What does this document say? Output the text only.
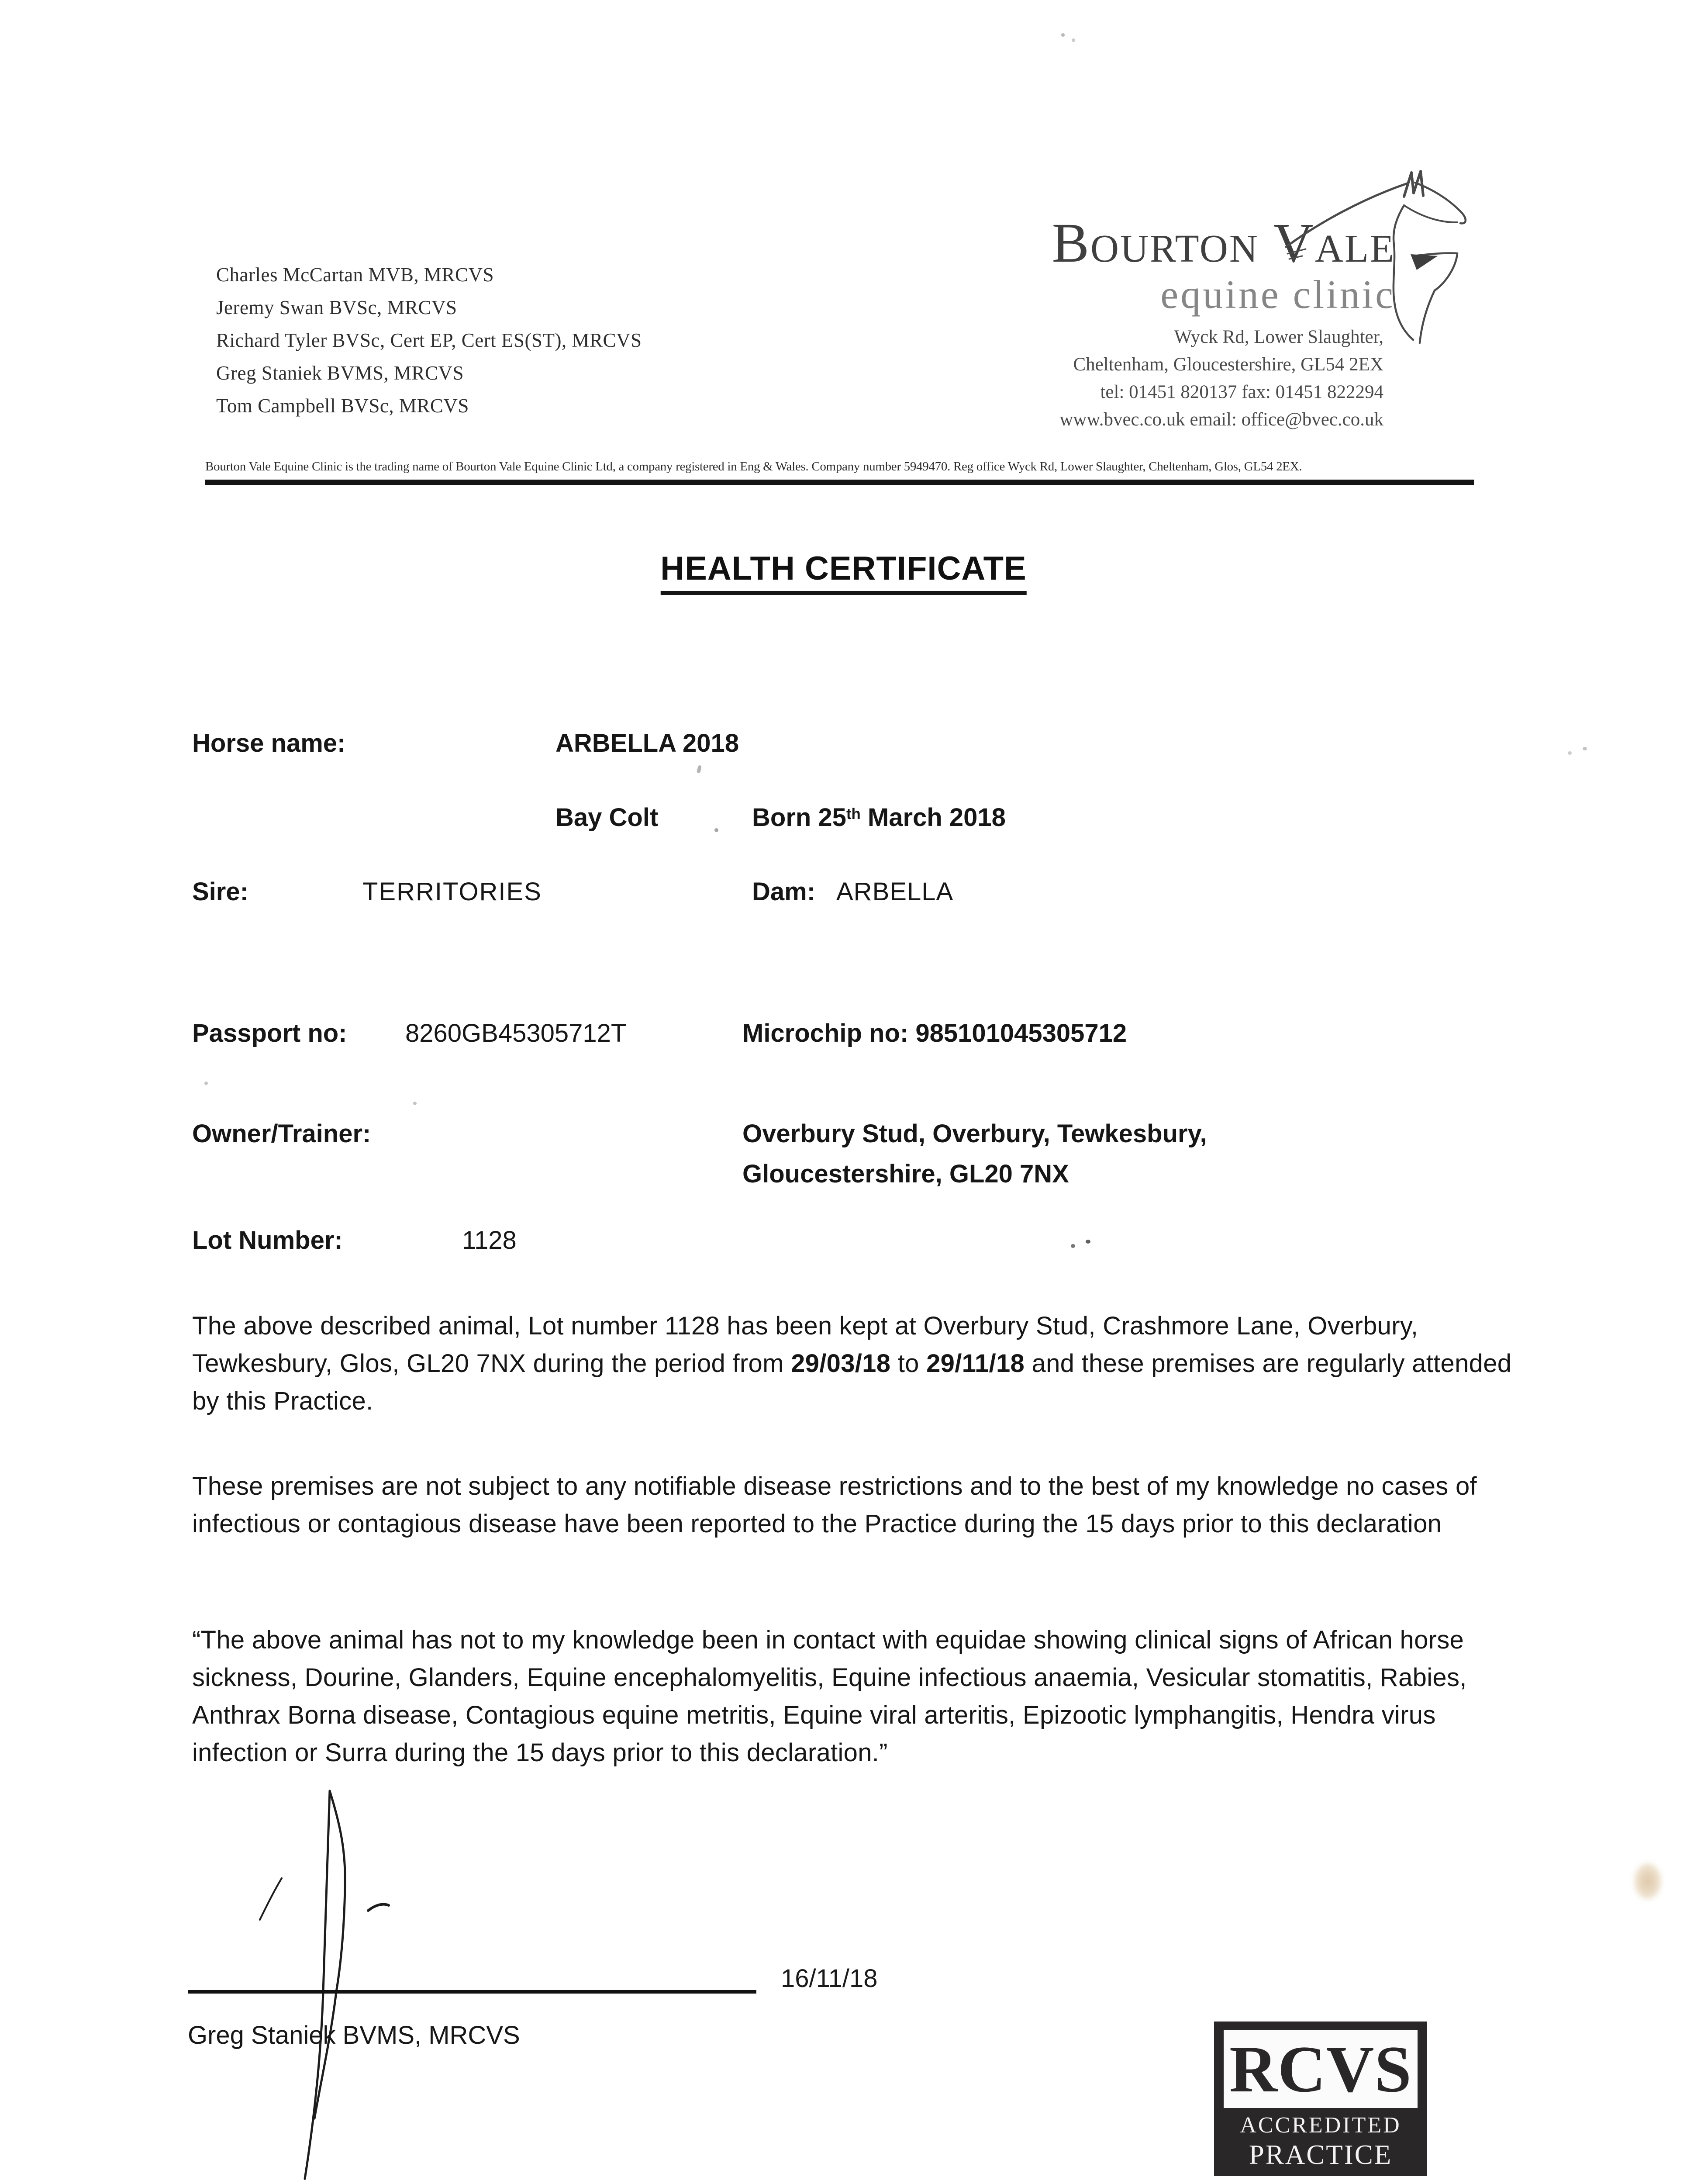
Charles McCartan MVB, MRCVS
Jeremy Swan BVSc, MRCVS
Richard Tyler BVSc, Cert EP, Cert ES(ST), MRCVS
Greg Staniek BVMS, MRCVS
Tom Campbell BVSc, MRCVS
Bourton Vale
equine clinic
Wyck Rd, Lower Slaughter,
Cheltenham, Gloucestershire, GL54 2EX
tel: 01451 820137 fax: 01451 822294
www.bvec.co.uk email: office@bvec.co.uk
Bourton Vale Equine Clinic is the trading name of Bourton Vale Equine Clinic Ltd, a company registered in Eng & Wales. Company number 5949470. Reg office Wyck Rd, Lower Slaughter, Cheltenham, Glos, GL54 2EX.
HEALTH CERTIFICATE
Horse name:	ARBELLA 2018
Bay Colt	Born 25th March 2018
Sire:	TERRITORIES	Dam: ARBELLA
Passport no: 8260GB45305712T	Microchip no: 985101045305712
Owner/Trainer:	Overbury Stud, Overbury, Tewkesbury,
Gloucestershire, GL20 7NX
Lot Number:	1128
The above described animal, Lot number 1128 has been kept at Overbury Stud, Crashmore Lane, Overbury, Tewkesbury, Glos, GL20 7NX during the period from 29/03/18 to 29/11/18 and these premises are regularly attended by this Practice.
These premises are not subject to any notifiable disease restrictions and to the best of my knowledge no cases of infectious or contagious disease have been reported to the Practice during the 15 days prior to this declaration
“The above animal has not to my knowledge been in contact with equidae showing clinical signs of African horse sickness, Dourine, Glanders, Equine encephalomyelitis, Equine infectious anaemia, Vesicular stomatitis, Rabies, Anthrax Borna disease, Contagious equine metritis, Equine viral arteritis, Epizootic lymphangitis, Hendra virus infection or Surra during the 15 days prior to this declaration.”
16/11/18
Greg Staniek BVMS, MRCVS	RCVS
ACCREDITED
PRACTICE
